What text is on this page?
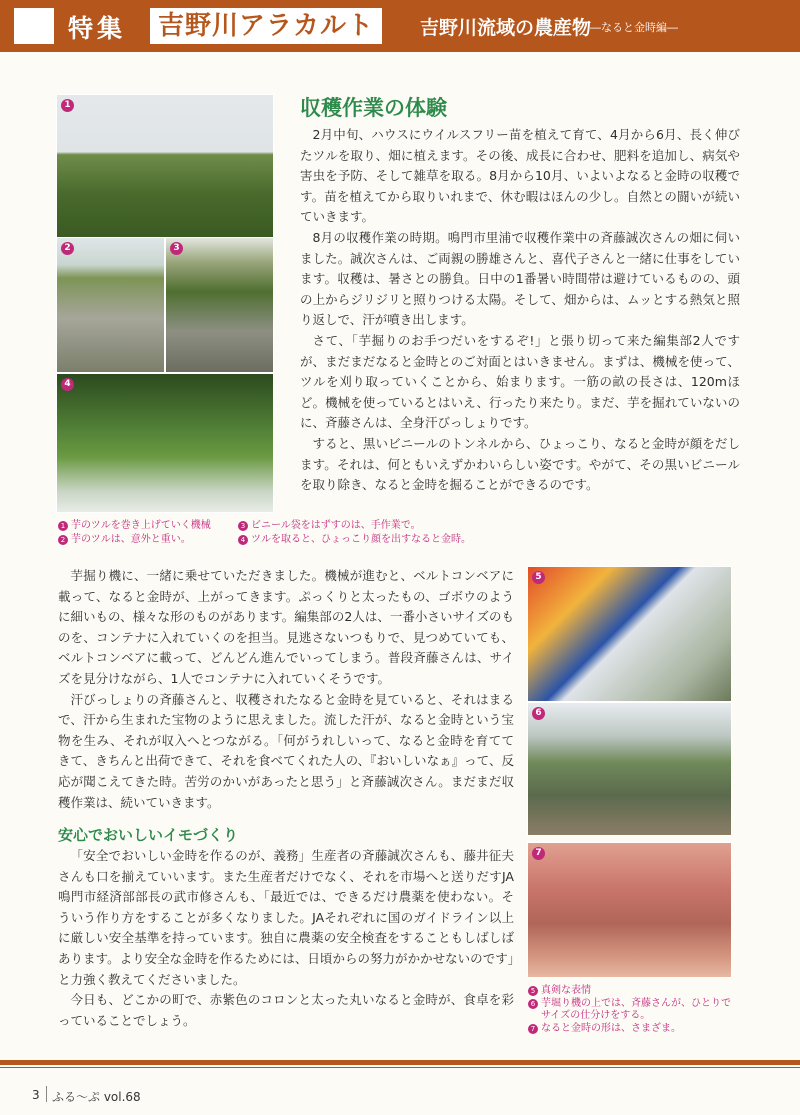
特集	吉野川アラカルト	吉野川流域の農産物
―なると金時編―
1
2	3
4
5
6
7
1 芋のツルを巻き上げていく機械
2 芋のツルは、意外と重い。
3 ビニール袋をはずすのは、手作業で。
4 ツルを取ると、ひょっこり顔を出すなると金時。
5 真剣な表情
6 芋堀り機の上では、斉藤さんが、ひとりで
サイズの仕分けをする。
7 なると金時の形は、さまざま。
収穫作業の体験

2月中旬、ハウスにウイルスフリー苗を植えて育て、4月から6月、長く伸びたツルを取り、畑に植えます。その後、成長に合わせ、肥料を追加し、病気や害虫を予防、そして雑草を取る。8月から10月、いよいよなると金時の収穫です。苗を植えてから取りいれまで、休む暇はほんの少し。自然との闘いが続いていきます。

8月の収穫作業の時期。鳴門市里浦で収穫作業中の斉藤誠次さんの畑に伺いました。誠次さんは、ご両親の勝雄さんと、喜代子さんと一緒に仕事をしています。収穫は、暑さとの勝負。日中の1番暑い時間帯は避けているものの、頭の上からジリジリと照りつける太陽。そして、畑からは、ムッとする熱気と照り返しで、汗が噴き出します。

さて、「芋掘りのお手つだいをするぞ!」と張り切って来た編集部2人ですが、まだまだなると金時とのご対面とはいきません。まずは、機械を使って、ツルを刈り取っていくことから、始まります。一筋の畝の長さは、120mほど。機械を使っているとはいえ、行ったり来たり。まだ、芋を掘れていないのに、斉藤さんは、全身汗びっしょりです。

すると、黒いビニールのトンネルから、ひょっこり、なると金時が顔をだします。それは、何ともいえずかわいらしい姿です。やがて、その黒いビニールを取り除き、なると金時を掘ることができるのです。

芋掘り機に、一緒に乗せていただきました。機械が進むと、ベルトコンベアに載って、なると金時が、上がってきます。ぷっくりと太ったもの、ゴボウのように細いもの、様々な形のものがあります。編集部の2人は、一番小さいサイズのものを、コンテナに入れていくのを担当。見逃さないつもりで、見つめていても、ベルトコンベアに載って、どんどん進んでいってしまう。普段斉藤さんは、サイズを見分けながら、1人でコンテナに入れていくそうです。

汗びっしょりの斉藤さんと、収穫されたなると金時を見ていると、それはまるで、汗から生まれた宝物のように思えました。流した汗が、なると金時という宝物を生み、それが収入へとつながる。「何がうれしいって、なると金時を育ててきて、きちんと出荷できて、それを食べてくれた人の、『おいしいなぁ』って、反応が聞こえてきた時。苦労のかいがあったと思う」と斉藤誠次さん。まだまだ収穫作業は、続いていきます。

安心でおいしいイモづくり

「安全でおいしい金時を作るのが、義務」生産者の斉藤誠次さんも、藤井征夫さんも口を揃えていいます。また生産者だけでなく、それを市場へと送りだすJA鳴門市経済部部長の武市修さんも、「最近では、できるだけ農薬を使わない。そういう作り方をすることが多くなりました。JAそれぞれに国のガイドライン以上に厳しい安全基準を持っています。独自に農薬の安全検査をすることもしばしばあります。より安全な金時を作るためには、日頃からの努力がかかせないのです」と力強く教えてくださいました。

今日も、どこかの町で、赤紫色のコロンと太った丸いなると金時が、食卓を彩っていることでしょう。

3 ふる〜ぷ vol.68
